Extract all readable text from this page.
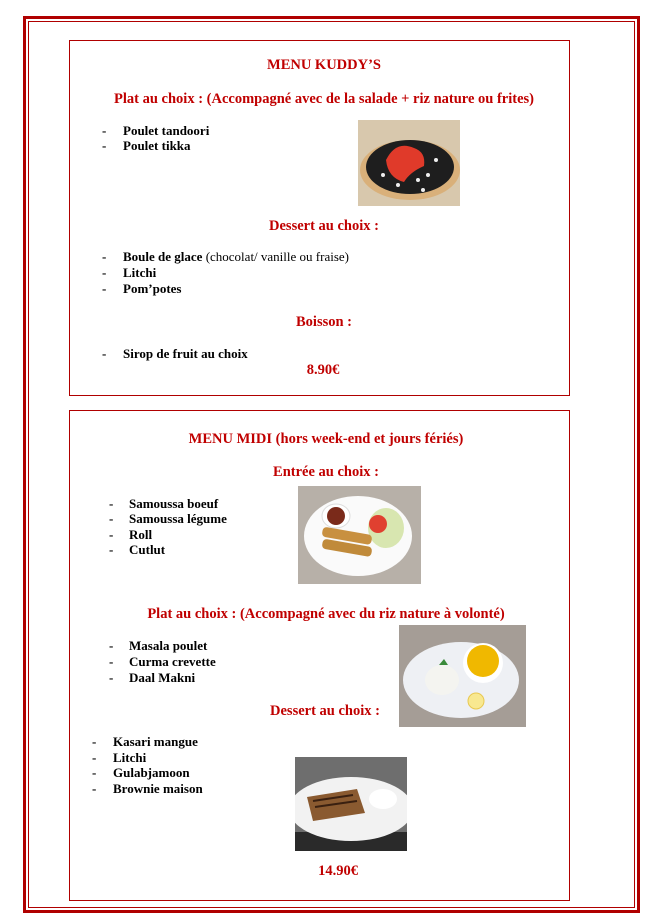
MENU KUDDY’S
Plat au choix : (Accompagné avec de la salade + riz nature ou frites)
- Poulet tandoori
- Poulet tikka
Dessert au choix :
- Boule de glace (chocolat/ vanille ou fraise)
- Litchi
- Pom’potes
Boisson :
- Sirop de fruit au choix
8.90€
MENU MIDI (hors week-end et jours fériés)
Entrée au choix :
- Samoussa boeuf
- Samoussa légume
- Roll
- Cutlut
Plat au choix : (Accompagné avec du riz nature à volonté)
- Masala poulet
- Curma crevette
- Daal Makni
Dessert au choix :
- Kasari mangue
- Litchi
- Gulabjamoon
- Brownie maison
14.90€
